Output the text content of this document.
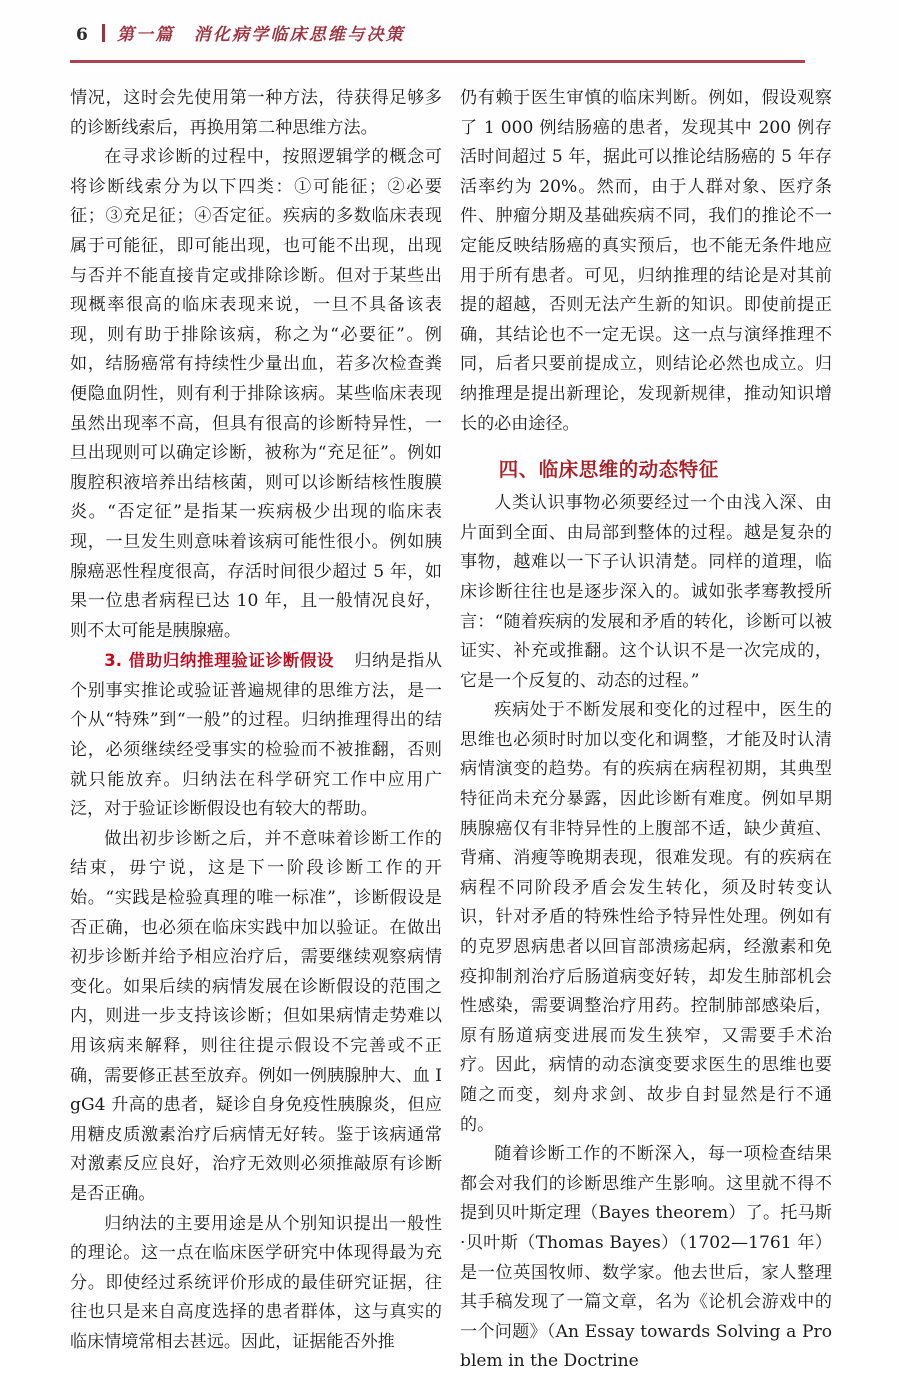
6 第一篇　消化病学临床思维与决策

情况，这时会先使用第一种方法，待获得足够多的诊断线索后，再换用第二种思维方法。

在寻求诊断的过程中，按照逻辑学的概念可将诊断线索分为以下四类：①可能征；②必要征；③充足征；④否定征。疾病的多数临床表现属于可能征，即可能出现，也可能不出现，出现与否并不能直接肯定或排除诊断。但对于某些出现概率很高的临床表现来说，一旦不具备该表现，则有助于排除该病，称之为“必要征”。例如，结肠癌常有持续性少量出血，若多次检查粪便隐血阴性，则有利于排除该病。某些临床表现虽然出现率不高，但具有很高的诊断特异性，一旦出现则可以确定诊断，被称为“充足征”。例如腹腔积液培养出结核菌，则可以诊断结核性腹膜炎。“否定征”是指某一疾病极少出现的临床表现，一旦发生则意味着该病可能性很小。例如胰腺癌恶性程度很高，存活时间很少超过 5 年，如果一位患者病程已达 10 年，且一般情况良好，则不太可能是胰腺癌。

3. 借助归纳推理验证诊断假设 归纳是指从个别事实推论或验证普遍规律的思维方法，是一个从“特殊”到“一般”的过程。归纳推理得出的结论，必须继续经受事实的检验而不被推翻，否则就只能放弃。归纳法在科学研究工作中应用广泛，对于验证诊断假设也有较大的帮助。

做出初步诊断之后，并不意味着诊断工作的结束，毋宁说，这是下一阶段诊断工作的开始。“实践是检验真理的唯一标准”，诊断假设是否正确，也必须在临床实践中加以验证。在做出初步诊断并给予相应治疗后，需要继续观察病情变化。如果后续的病情发展在诊断假设的范围之内，则进一步支持该诊断；但如果病情走势难以用该病来解释，则往往提示假设不完善或不正确，需要修正甚至放弃。例如一例胰腺肿大、血 IgG4 升高的患者，疑诊自身免疫性胰腺炎，但应用糖皮质激素治疗后病情无好转。鉴于该病通常对激素反应良好，治疗无效则必须推敲原有诊断是否正确。

归纳法的主要用途是从个别知识提出一般性的理论。这一点在临床医学研究中体现得最为充分。即使经过系统评价形成的最佳研究证据，往往也只是来自高度选择的患者群体，这与真实的临床情境常相去甚远。因此，证据能否外推

仍有赖于医生审慎的临床判断。例如，假设观察了 1 000 例结肠癌的患者，发现其中 200 例存活时间超过 5 年，据此可以推论结肠癌的 5 年存活率约为 20%。然而，由于人群对象、医疗条件、肿瘤分期及基础疾病不同，我们的推论不一定能反映结肠癌的真实预后，也不能无条件地应用于所有患者。可见，归纳推理的结论是对其前提的超越，否则无法产生新的知识。即使前提正确，其结论也不一定无误。这一点与演绎推理不同，后者只要前提成立，则结论必然也成立。归纳推理是提出新理论，发现新规律，推动知识增长的必由途径。

四、临床思维的动态特征

人类认识事物必须要经过一个由浅入深、由片面到全面、由局部到整体的过程。越是复杂的事物，越难以一下子认识清楚。同样的道理，临床诊断往往也是逐步深入的。诚如张孝骞教授所言：“随着疾病的发展和矛盾的转化，诊断可以被证实、补充或推翻。这个认识不是一次完成的，它是一个反复的、动态的过程。”

疾病处于不断发展和变化的过程中，医生的思维也必须时时加以变化和调整，才能及时认清病情演变的趋势。有的疾病在病程初期，其典型特征尚未充分暴露，因此诊断有难度。例如早期胰腺癌仅有非特异性的上腹部不适，缺少黄疸、背痛、消瘦等晚期表现，很难发现。有的疾病在病程不同阶段矛盾会发生转化，须及时转变认识，针对矛盾的特殊性给予特异性处理。例如有的克罗恩病患者以回盲部溃疡起病，经激素和免疫抑制剂治疗后肠道病变好转，却发生肺部机会性感染，需要调整治疗用药。控制肺部感染后，原有肠道病变进展而发生狭窄，又需要手术治疗。因此，病情的动态演变要求医生的思维也要随之而变，刻舟求剑、故步自封显然是行不通的。

随着诊断工作的不断深入，每一项检查结果都会对我们的诊断思维产生影响。这里就不得不提到贝叶斯定理（Bayes theorem）了。托马斯·贝叶斯（Thomas Bayes）（1702—1761 年）是一位英国牧师、数学家。他去世后，家人整理其手稿发现了一篇文章，名为《论机会游戏中的一个问题》（An Essay towards Solving a Problem in the Doctrine
